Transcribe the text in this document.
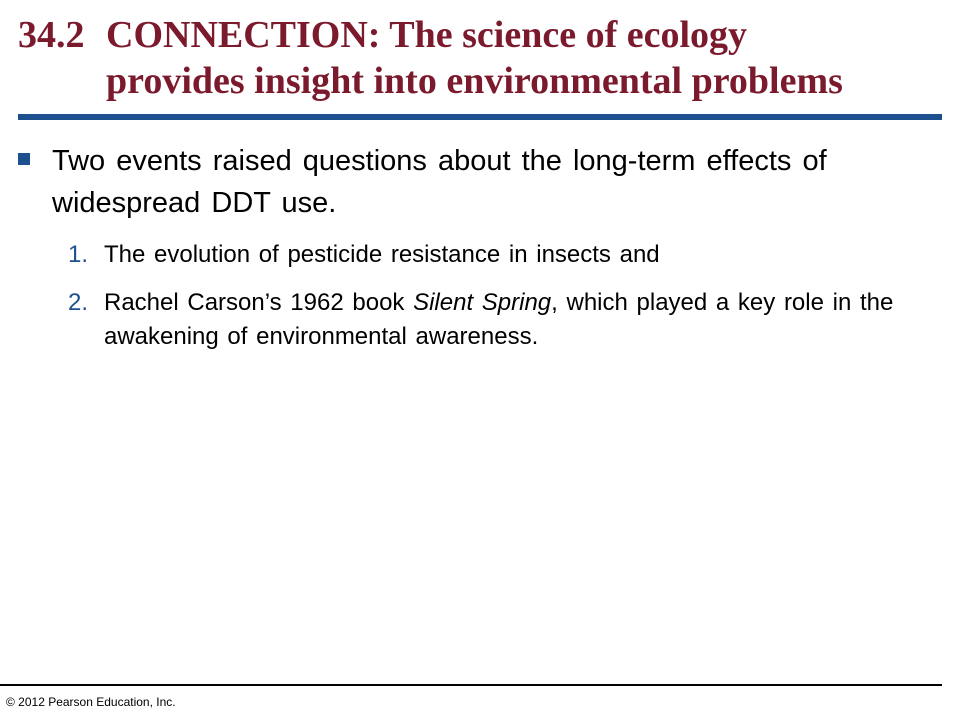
34.2 CONNECTION: The science of ecology
provides insight into environmental problems
Two events raised questions about the long-term effects of widespread DDT use.
1. The evolution of pesticide resistance in insects and
2. Rachel Carson’s 1962 book Silent Spring, which played a key role in the awakening of environmental awareness.
© 2012 Pearson Education, Inc.
